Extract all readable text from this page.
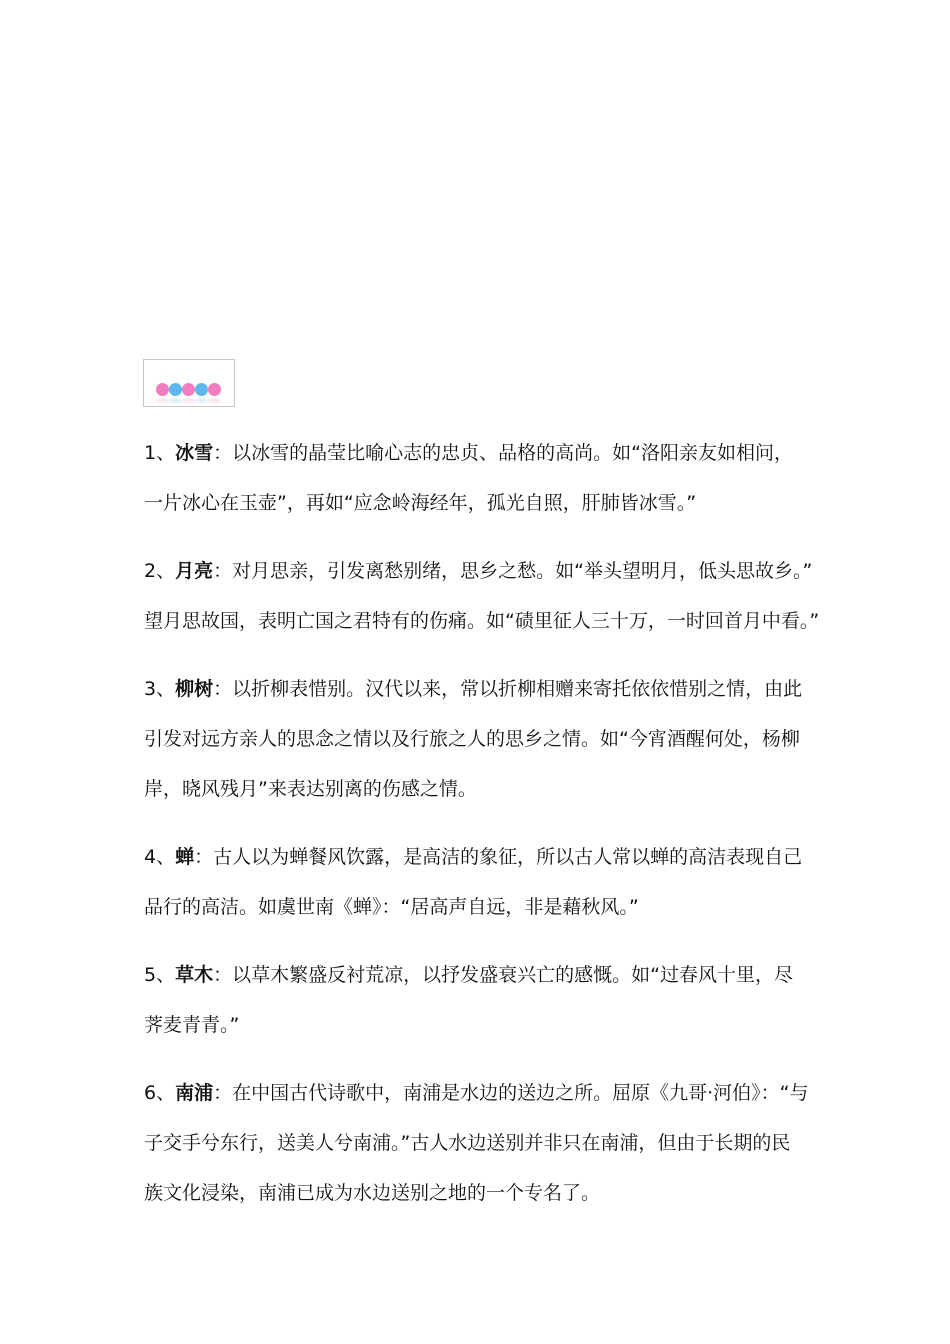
1、冰雪：以冰雪的晶莹比喻心志的忠贞、品格的高尚。如“洛阳亲友如相问，
一片冰心在玉壶”，再如“应念岭海经年，孤光自照，肝肺皆冰雪。”
2、月亮：对月思亲，引发离愁别绪，思乡之愁。如“举头望明月，低头思故乡。”
望月思故国，表明亡国之君特有的伤痛。如“碛里征人三十万，一时回首月中看。”
3、柳树：以折柳表惜别。汉代以来，常以折柳相赠来寄托依依惜别之情，由此
引发对远方亲人的思念之情以及行旅之人的思乡之情。如“今宵酒醒何处，杨柳
岸，晓风残月”来表达别离的伤感之情。
4、蝉：古人以为蝉餐风饮露，是高洁的象征，所以古人常以蝉的高洁表现自己
品行的高洁。如虞世南《蝉》：“居高声自远，非是藉秋风。”
5、草木：以草木繁盛反衬荒凉，以抒发盛衰兴亡的感慨。如“过春风十里，尽
荠麦青青。”
6、南浦：在中国古代诗歌中，南浦是水边的送边之所。屈原《九哥·河伯》：“与
子交手兮东行，送美人兮南浦。”古人水边送别并非只在南浦，但由于长期的民
族文化浸染，南浦已成为水边送别之地的一个专名了。
